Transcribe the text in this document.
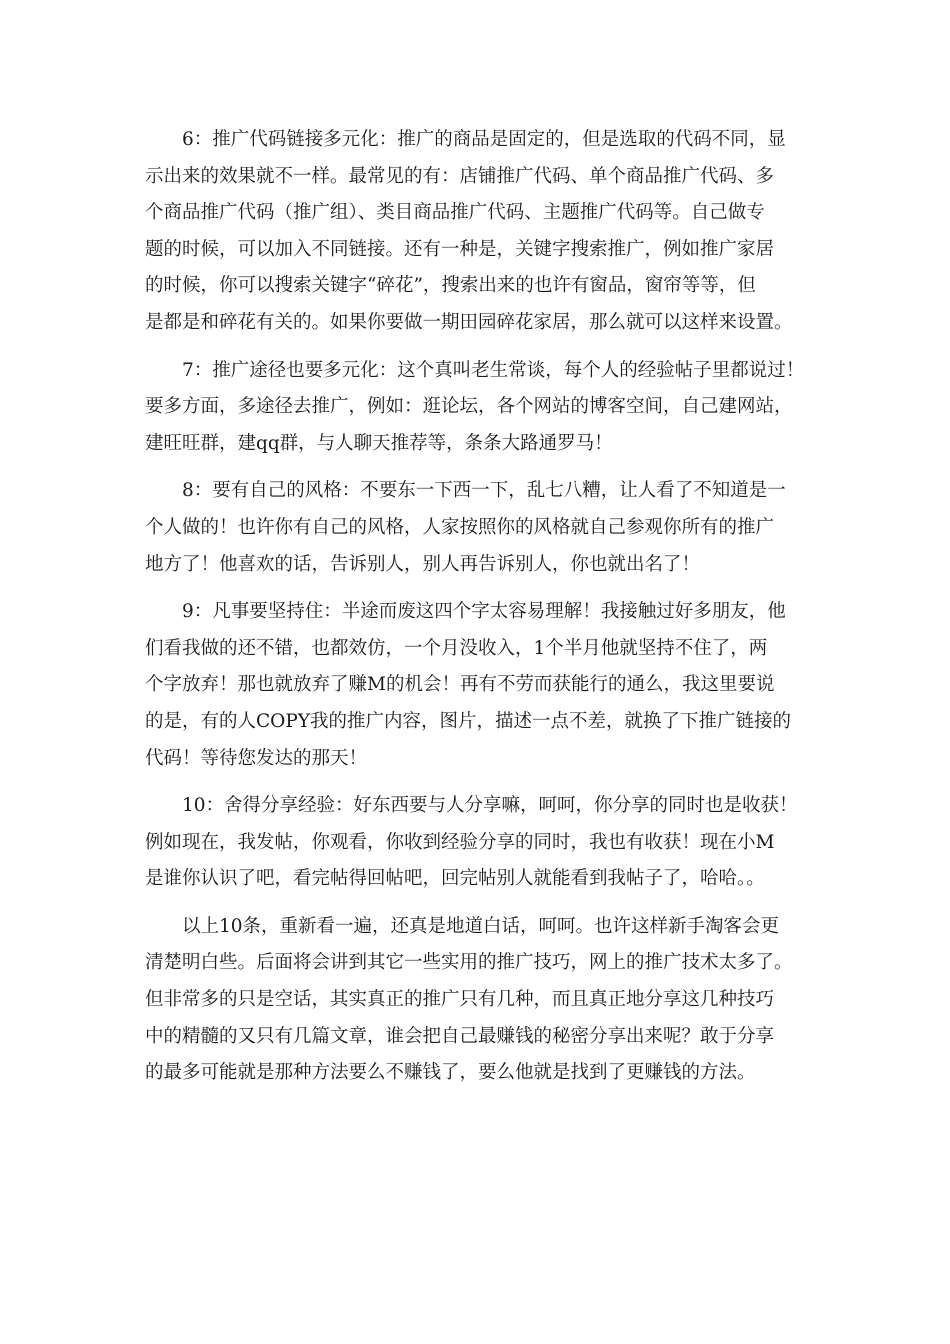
6：推广代码链接多元化：推广的商品是固定的，但是选取的代码不同，显
示出来的效果就不一样。最常见的有：店铺推广代码、单个商品推广代码、多
个商品推广代码（推广组）、类目商品推广代码、主题推广代码等。自己做专
题的时候，可以加入不同链接。还有一种是，关键字搜索推广，例如推广家居
的时候，你可以搜索关键字“碎花”，搜索出来的也许有窗品，窗帘等等，但
是都是和碎花有关的。如果你要做一期田园碎花家居，那么就可以这样来设置。

7：推广途径也要多元化：这个真叫老生常谈，每个人的经验帖子里都说过！
要多方面，多途径去推广，例如：逛论坛，各个网站的博客空间，自己建网站，
建旺旺群，建qq群，与人聊天推荐等，条条大路通罗马！

8：要有自己的风格：不要东一下西一下，乱七八糟，让人看了不知道是一
个人做的！也许你有自己的风格，人家按照你的风格就自己参观你所有的推广
地方了！他喜欢的话，告诉别人，别人再告诉别人，你也就出名了！

9：凡事要坚持住：半途而废这四个字太容易理解！我接触过好多朋友，他
们看我做的还不错，也都效仿，一个月没收入，1个半月他就坚持不住了，两
个字放弃！那也就放弃了赚M的机会！再有不劳而获能行的通么，我这里要说
的是，有的人COPY我的推广内容，图片，描述一点不差，就换了下推广链接的
代码！等待您发达的那天！

10：舍得分享经验：好东西要与人分享嘛，呵呵，你分享的同时也是收获！
例如现在，我发帖，你观看，你收到经验分享的同时，我也有收获！现在小M
是谁你认识了吧，看完帖得回帖吧，回完帖别人就能看到我帖子了，哈哈。。

以上10条，重新看一遍，还真是地道白话，呵呵。也许这样新手淘客会更
清楚明白些。后面将会讲到其它一些实用的推广技巧，网上的推广技术太多了。
但非常多的只是空话，其实真正的推广只有几种，而且真正地分享这几种技巧
中的精髓的又只有几篇文章，谁会把自己最赚钱的秘密分享出来呢？敢于分享
的最多可能就是那种方法要么不赚钱了，要么他就是找到了更赚钱的方法。
